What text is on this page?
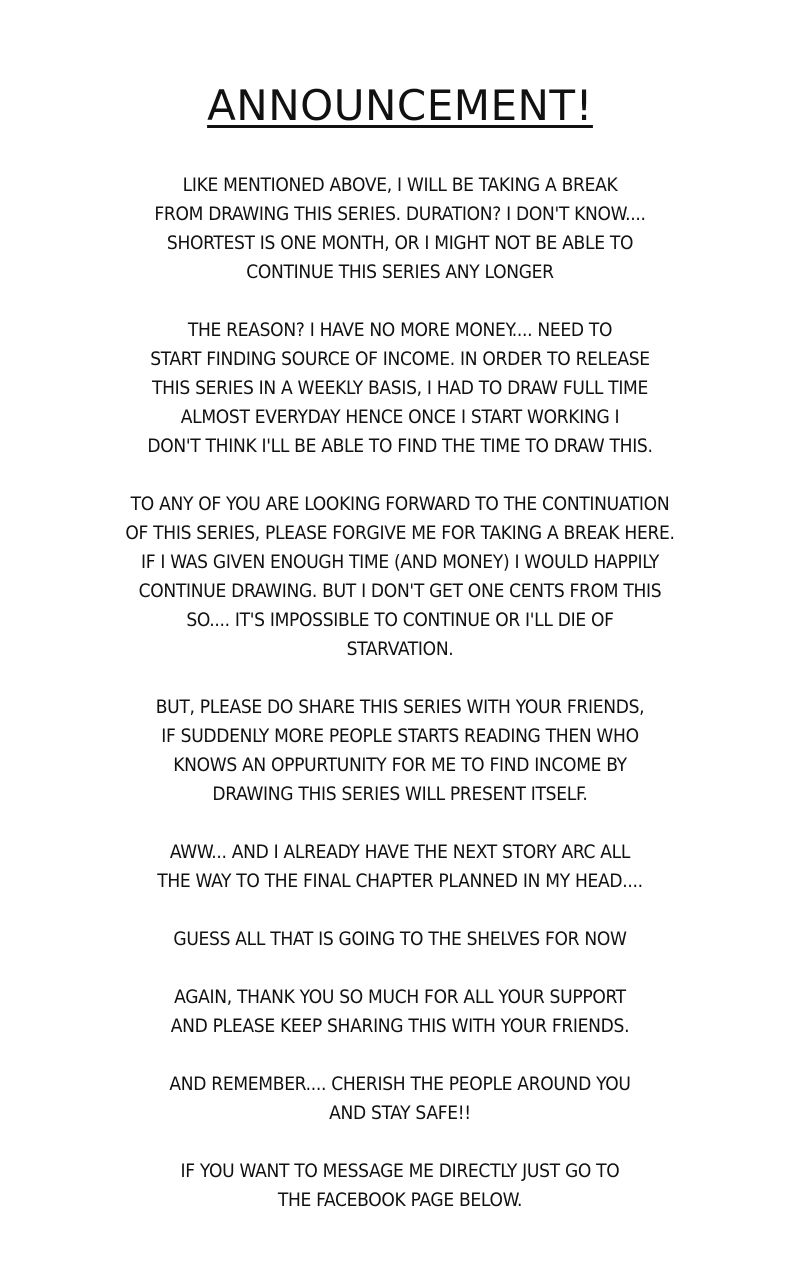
ANNOUNCEMENT!
LIKE MENTIONED ABOVE, I WILL BE TAKING A BREAK
FROM DRAWING THIS SERIES. DURATION? I DON'T KNOW....
SHORTEST IS ONE MONTH, OR I MIGHT NOT BE ABLE TO
CONTINUE THIS SERIES ANY LONGER
THE REASON? I HAVE NO MORE MONEY.... NEED TO
START FINDING SOURCE OF INCOME. IN ORDER TO RELEASE
THIS SERIES IN A WEEKLY BASIS, I HAD TO DRAW FULL TIME
ALMOST EVERYDAY HENCE ONCE I START WORKING I
DON'T THINK I'LL BE ABLE TO FIND THE TIME TO DRAW THIS.
TO ANY OF YOU ARE LOOKING FORWARD TO THE CONTINUATION
OF THIS SERIES, PLEASE FORGIVE ME FOR TAKING A BREAK HERE.
IF I WAS GIVEN ENOUGH TIME (AND MONEY) I WOULD HAPPILY
CONTINUE DRAWING. BUT I DON'T GET ONE CENTS FROM THIS
SO.... IT'S IMPOSSIBLE TO CONTINUE OR I'LL DIE OF
STARVATION.
BUT, PLEASE DO SHARE THIS SERIES WITH YOUR FRIENDS,
IF SUDDENLY MORE PEOPLE STARTS READING THEN WHO
KNOWS AN OPPURTUNITY FOR ME TO FIND INCOME BY
DRAWING THIS SERIES WILL PRESENT ITSELF.
AWW... AND I ALREADY HAVE THE NEXT STORY ARC ALL
THE WAY TO THE FINAL CHAPTER PLANNED IN MY HEAD....
GUESS ALL THAT IS GOING TO THE SHELVES FOR NOW
AGAIN, THANK YOU SO MUCH FOR ALL YOUR SUPPORT
AND PLEASE KEEP SHARING THIS WITH YOUR FRIENDS.
AND REMEMBER.... CHERISH THE PEOPLE AROUND YOU
AND STAY SAFE!!
IF YOU WANT TO MESSAGE ME DIRECTLY JUST GO TO
THE FACEBOOK PAGE BELOW.
